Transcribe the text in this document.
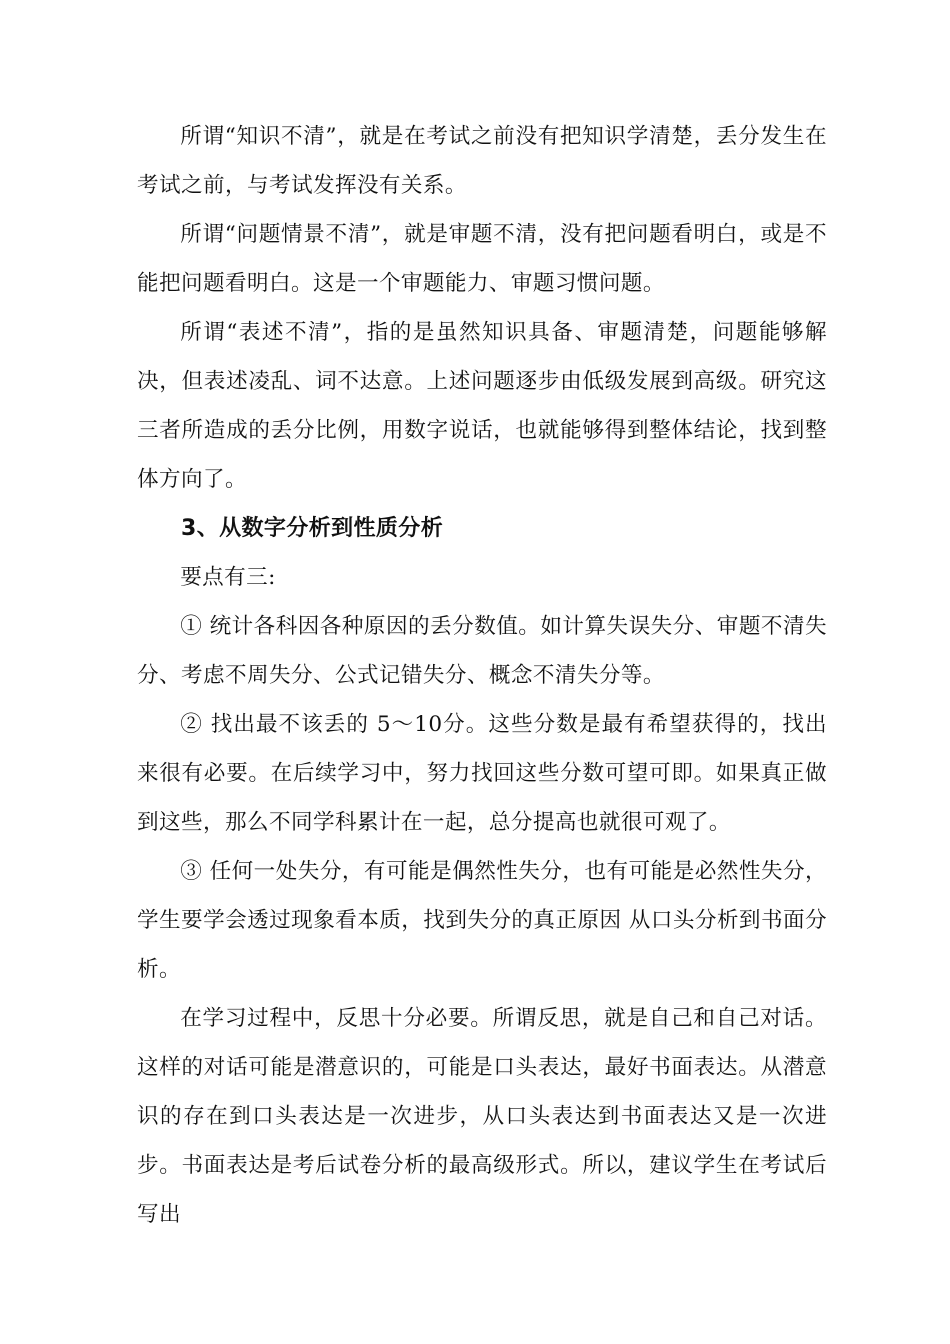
所谓“知识不清”，就是在考试之前没有把知识学清楚，丢分发生在考试之前，与考试发挥没有关系。

所谓“问题情景不清”，就是审题不清，没有把问题看明白，或是不能把问题看明白。这是一个审题能力、审题习惯问题。

所谓“表述不清”，指的是虽然知识具备、审题清楚，问题能够解决，但表述凌乱、词不达意。上述问题逐步由低级发展到高级。研究这三者所造成的丢分比例，用数字说话，也就能够得到整体结论，找到整体方向了。

3、从数字分析到性质分析

要点有三:

① 统计各科因各种原因的丢分数值。如计算失误失分、审题不清失分、考虑不周失分、公式记错失分、概念不清失分等。

② 找出最不该丢的 5～10分。这些分数是最有希望获得的，找出来很有必要。在后续学习中，努力找回这些分数可望可即。如果真正做到这些，那么不同学科累计在一起，总分提高也就很可观了。

③ 任何一处失分，有可能是偶然性失分，也有可能是必然性失分，学生要学会透过现象看本质，找到失分的真正原因 从口头分析到书面分析。

在学习过程中，反思十分必要。所谓反思，就是自己和自己对话。这样的对话可能是潜意识的，可能是口头表达，最好书面表达。从潜意识的存在到口头表达是一次进步，从口头表达到书面表达又是一次进步。书面表达是考后试卷分析的最高级形式。所以，建议学生在考试后写出
